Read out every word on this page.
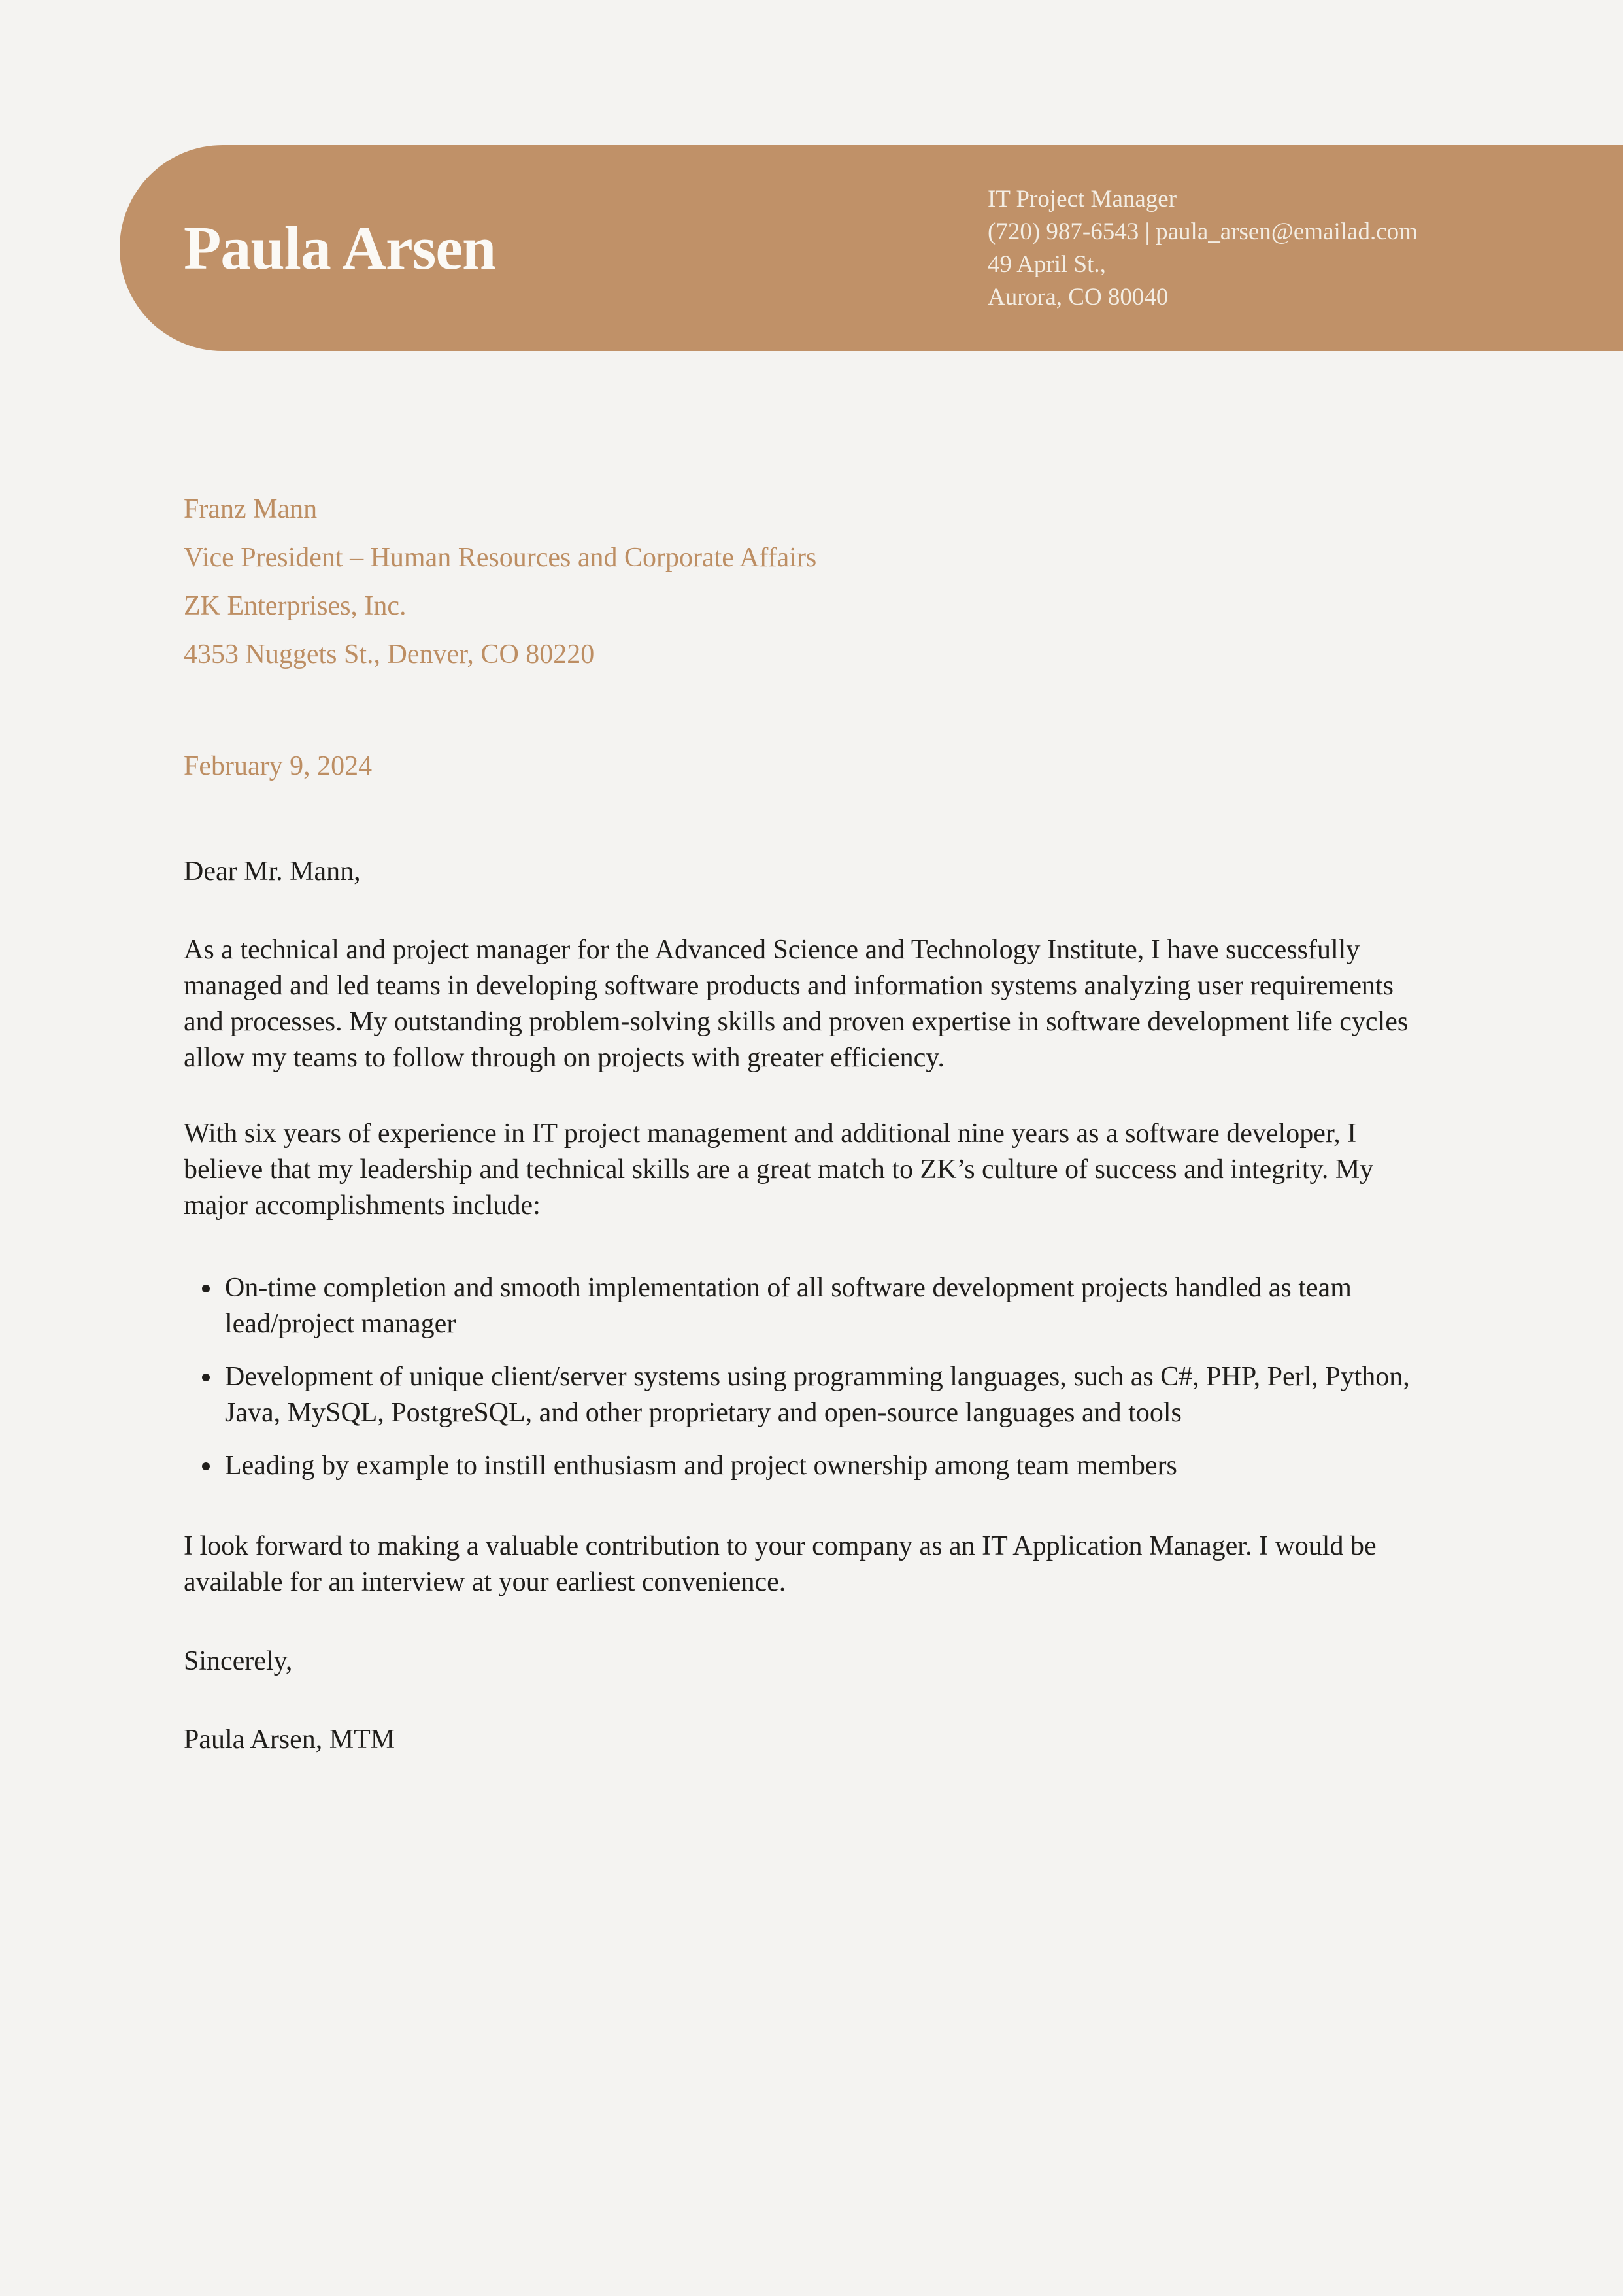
Paula Arsen
IT Project Manager
(720) 987-6543 | paula_arsen@emailad.com
49 April St.,
Aurora, CO 80040
Franz Mann
Vice President – Human Resources and Corporate Affairs
ZK Enterprises, Inc.
4353 Nuggets St., Denver, CO 80220
February 9, 2024
Dear Mr. Mann,
As a technical and project manager for the Advanced Science and Technology Institute, I have successfully managed and led teams in developing software products and information systems analyzing user requirements and processes. My outstanding problem-solving skills and proven expertise in software development life cycles allow my teams to follow through on projects with greater efficiency.
With six years of experience in IT project management and additional nine years as a software developer, I believe that my leadership and technical skills are a great match to ZK’s culture of success and integrity. My major accomplishments include:
• On-time completion and smooth implementation of all software development projects handled as team lead/project manager
• Development of unique client/server systems using programming languages, such as C#, PHP, Perl, Python, Java, MySQL, PostgreSQL, and other proprietary and open-source languages and tools
• Leading by example to instill enthusiasm and project ownership among team members
I look forward to making a valuable contribution to your company as an IT Application Manager. I would be available for an interview at your earliest convenience.
Sincerely,
Paula Arsen, MTM
